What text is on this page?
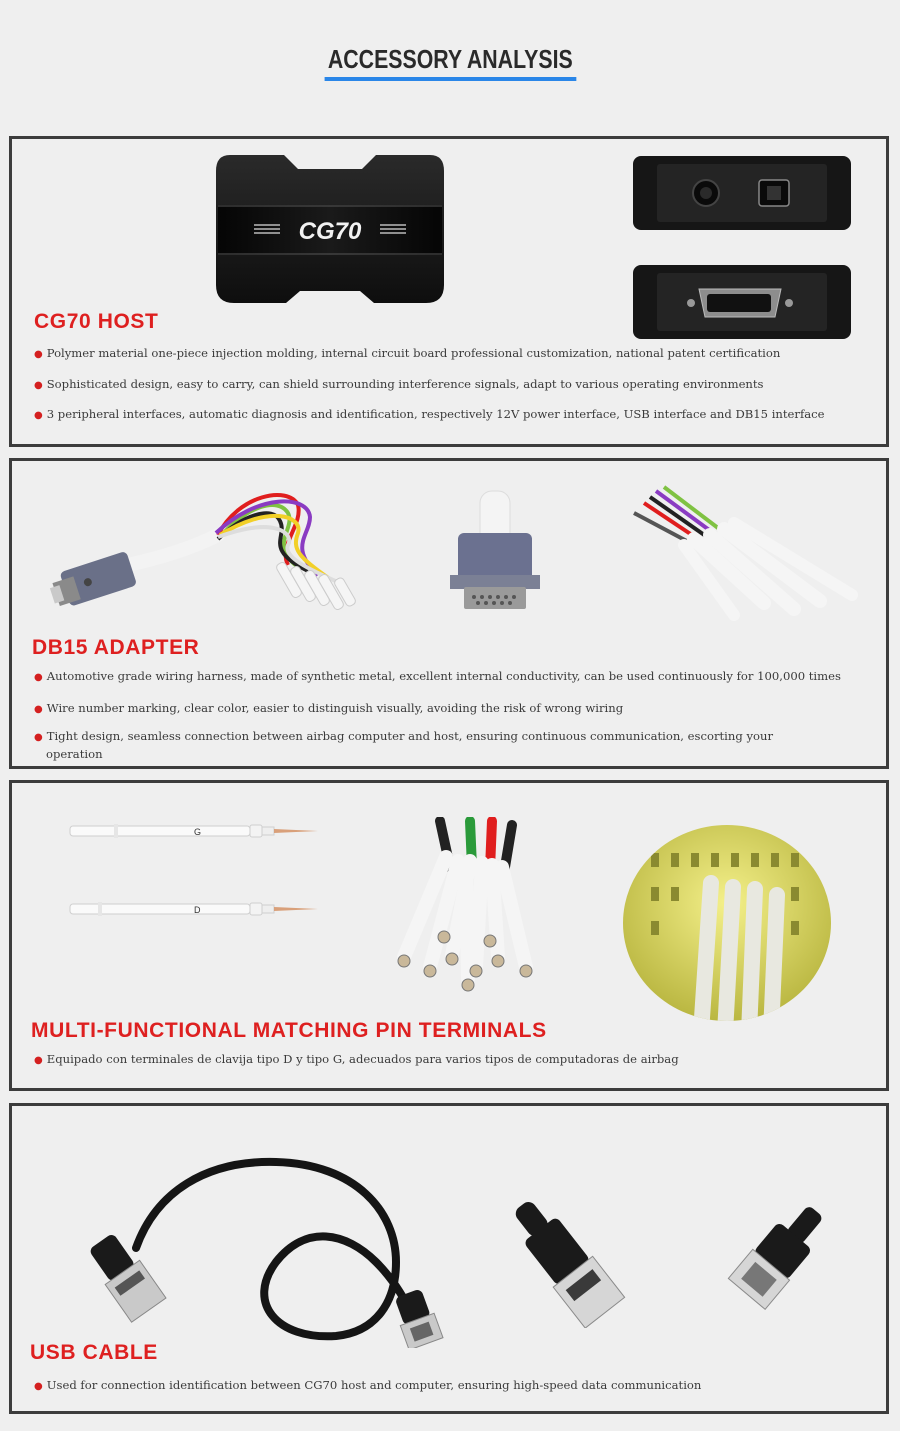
ACCESSORY ANALYSIS
CG70
CG70 HOST
● Polymer material one-piece injection molding, internal circuit board professional customization, national patent certification
● Sophisticated design, easy to carry, can shield surrounding interference signals, adapt to various operating environments
● 3 peripheral interfaces, automatic diagnosis and identification, respectively 12V power interface, USB interface and DB15 interface
DB15 ADAPTER
● Automotive grade wiring harness, made of synthetic metal, excellent internal conductivity, can be used continuously for 100,000 times
● Wire number marking, clear color, easier to distinguish visually, avoiding the risk of wrong wiring
● Tight design, seamless connection between airbag computer and host, ensuring continuous communication, escorting your operation
G
D
MULTI-FUNCTIONAL MATCHING PIN TERMINALS
● Equipado con terminales de clavija tipo D y tipo G, adecuados para varios tipos de computadoras de airbag
USB CABLE
● Used for connection identification between CG70 host and computer, ensuring high-speed data communication
